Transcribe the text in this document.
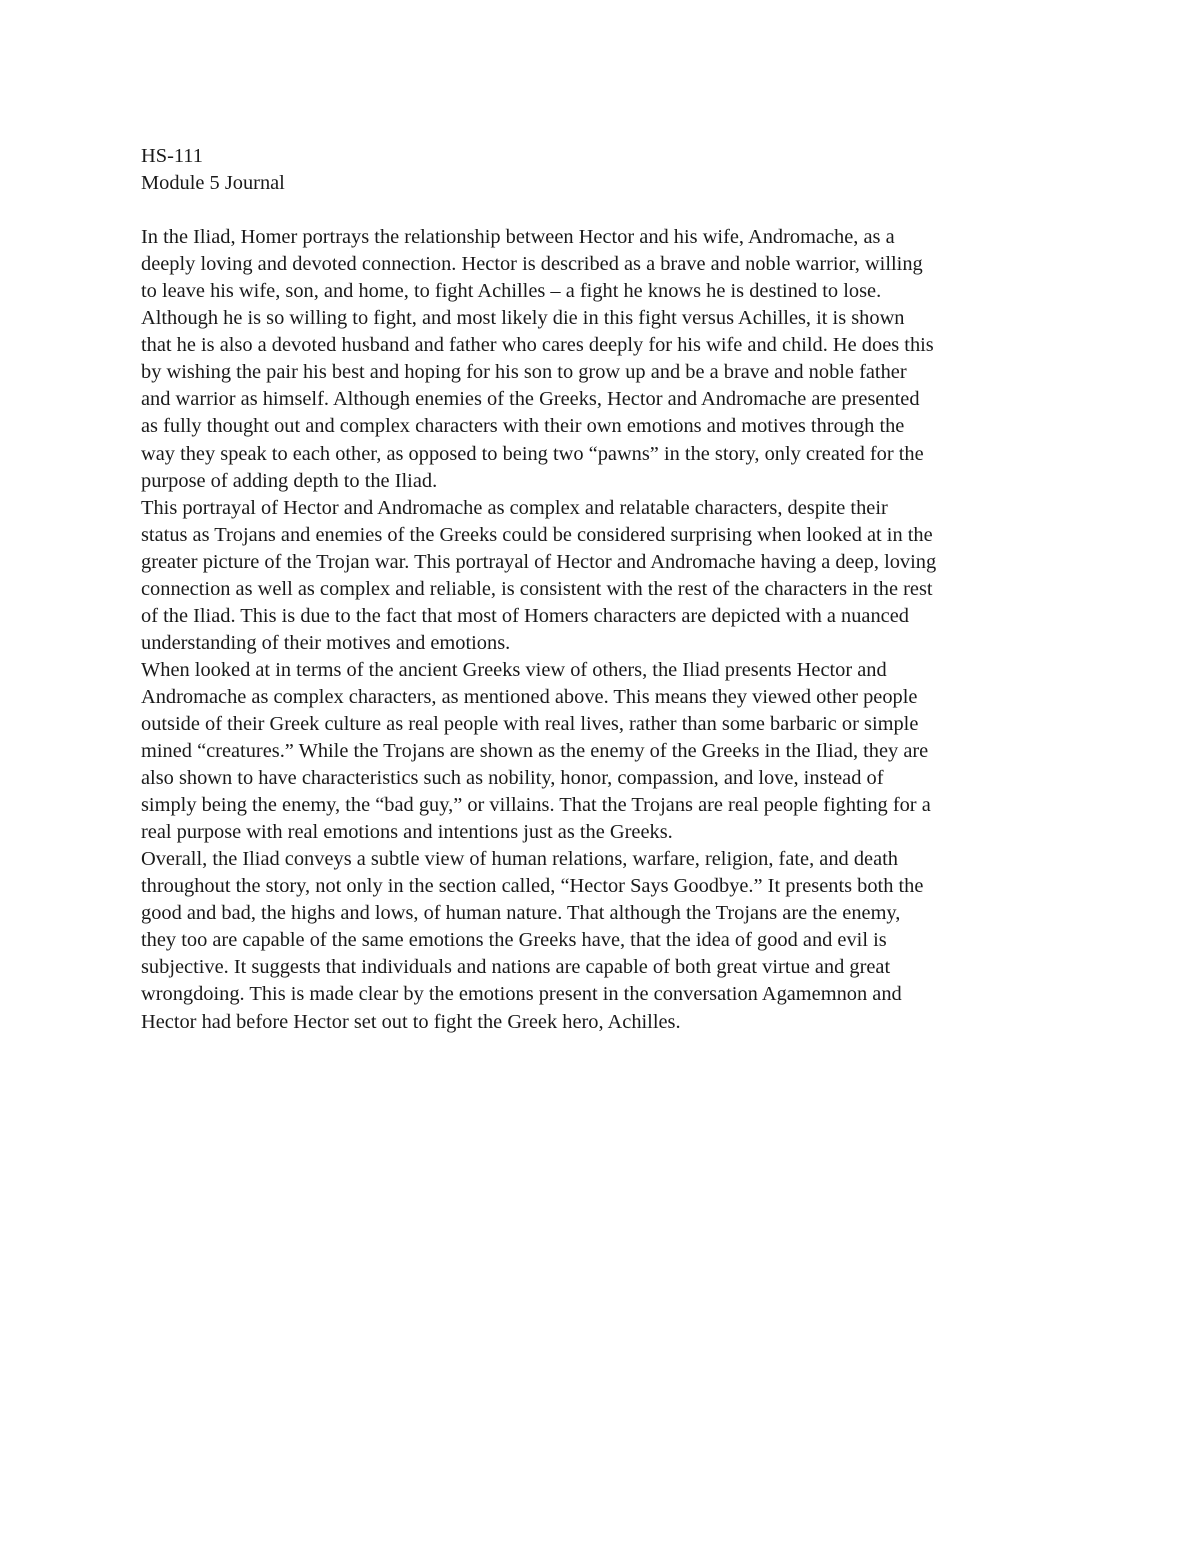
HS-111
Module 5 Journal
In the Iliad, Homer portrays the relationship between Hector and his wife, Andromache, as a
deeply loving and devoted connection. Hector is described as a brave and noble warrior, willing
to leave his wife, son, and home, to fight Achilles – a fight he knows he is destined to lose.
Although he is so willing to fight, and most likely die in this fight versus Achilles, it is shown
that he is also a devoted husband and father who cares deeply for his wife and child. He does this
by wishing the pair his best and hoping for his son to grow up and be a brave and noble father
and warrior as himself. Although enemies of the Greeks, Hector and Andromache are presented
as fully thought out and complex characters with their own emotions and motives through the
way they speak to each other, as opposed to being two “pawns” in the story, only created for the
purpose of adding depth to the Iliad.
This portrayal of Hector and Andromache as complex and relatable characters, despite their
status as Trojans and enemies of the Greeks could be considered surprising when looked at in the
greater picture of the Trojan war. This portrayal of Hector and Andromache having a deep, loving
connection as well as complex and reliable, is consistent with the rest of the characters in the rest
of the Iliad. This is due to the fact that most of Homers characters are depicted with a nuanced
understanding of their motives and emotions.
When looked at in terms of the ancient Greeks view of others, the Iliad presents Hector and
Andromache as complex characters, as mentioned above. This means they viewed other people
outside of their Greek culture as real people with real lives, rather than some barbaric or simple
mined “creatures.” While the Trojans are shown as the enemy of the Greeks in the Iliad, they are
also shown to have characteristics such as nobility, honor, compassion, and love, instead of
simply being the enemy, the “bad guy,” or villains. That the Trojans are real people fighting for a
real purpose with real emotions and intentions just as the Greeks.
Overall, the Iliad conveys a subtle view of human relations, warfare, religion, fate, and death
throughout the story, not only in the section called, “Hector Says Goodbye.” It presents both the
good and bad, the highs and lows, of human nature. That although the Trojans are the enemy,
they too are capable of the same emotions the Greeks have, that the idea of good and evil is
subjective. It suggests that individuals and nations are capable of both great virtue and great
wrongdoing. This is made clear by the emotions present in the conversation Agamemnon and
Hector had before Hector set out to fight the Greek hero, Achilles.
